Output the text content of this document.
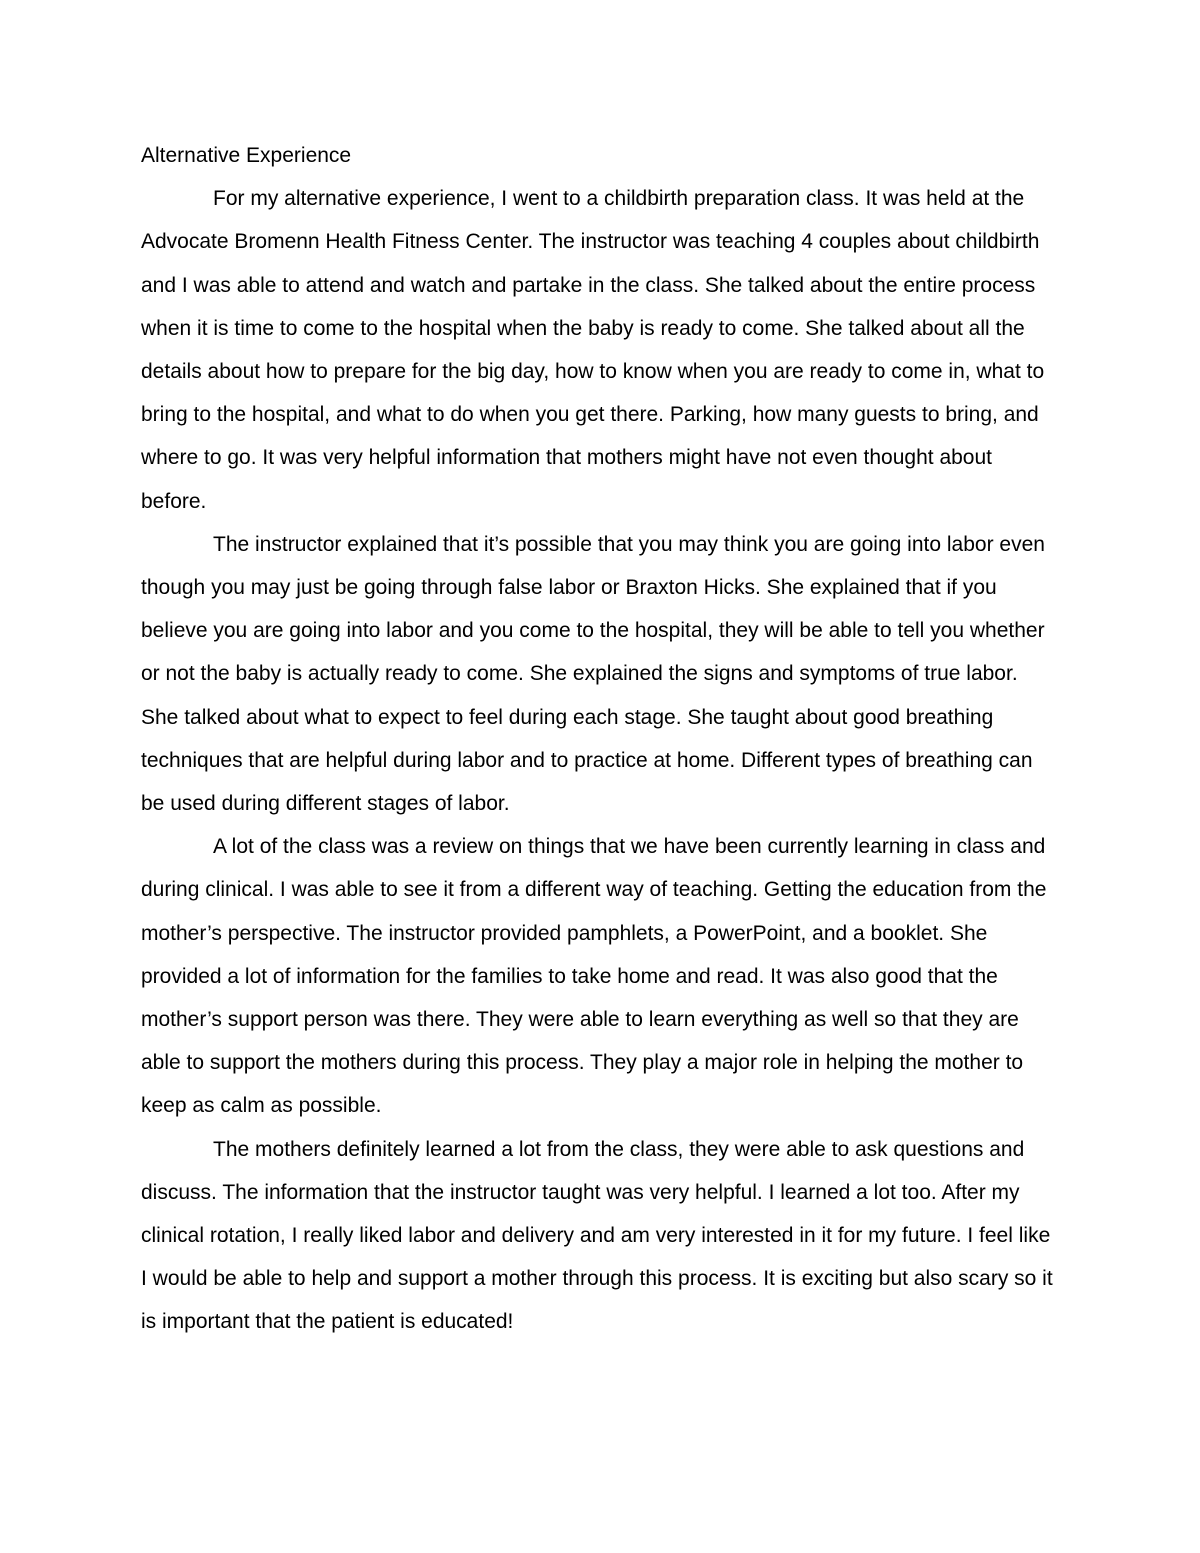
Alternative Experience

For my alternative experience, I went to a childbirth preparation class. It was held at the Advocate Bromenn Health Fitness Center. The instructor was teaching 4 couples about childbirth and I was able to attend and watch and partake in the class. She talked about the entire process when it is time to come to the hospital when the baby is ready to come. She talked about all the details about how to prepare for the big day, how to know when you are ready to come in, what to bring to the hospital, and what to do when you get there. Parking, how many guests to bring, and where to go. It was very helpful information that mothers might have not even thought about before.

The instructor explained that it’s possible that you may think you are going into labor even though you may just be going through false labor or Braxton Hicks. She explained that if you believe you are going into labor and you come to the hospital, they will be able to tell you whether or not the baby is actually ready to come. She explained the signs and symptoms of true labor. She talked about what to expect to feel during each stage. She taught about good breathing techniques that are helpful during labor and to practice at home. Different types of breathing can be used during different stages of labor.

A lot of the class was a review on things that we have been currently learning in class and during clinical. I was able to see it from a different way of teaching. Getting the education from the mother’s perspective. The instructor provided pamphlets, a PowerPoint, and a booklet. She provided a lot of information for the families to take home and read. It was also good that the mother’s support person was there. They were able to learn everything as well so that they are able to support the mothers during this process. They play a major role in helping the mother to keep as calm as possible.

The mothers definitely learned a lot from the class, they were able to ask questions and discuss. The information that the instructor taught was very helpful. I learned a lot too. After my clinical rotation, I really liked labor and delivery and am very interested in it for my future. I feel like I would be able to help and support a mother through this process. It is exciting but also scary so it is important that the patient is educated!
